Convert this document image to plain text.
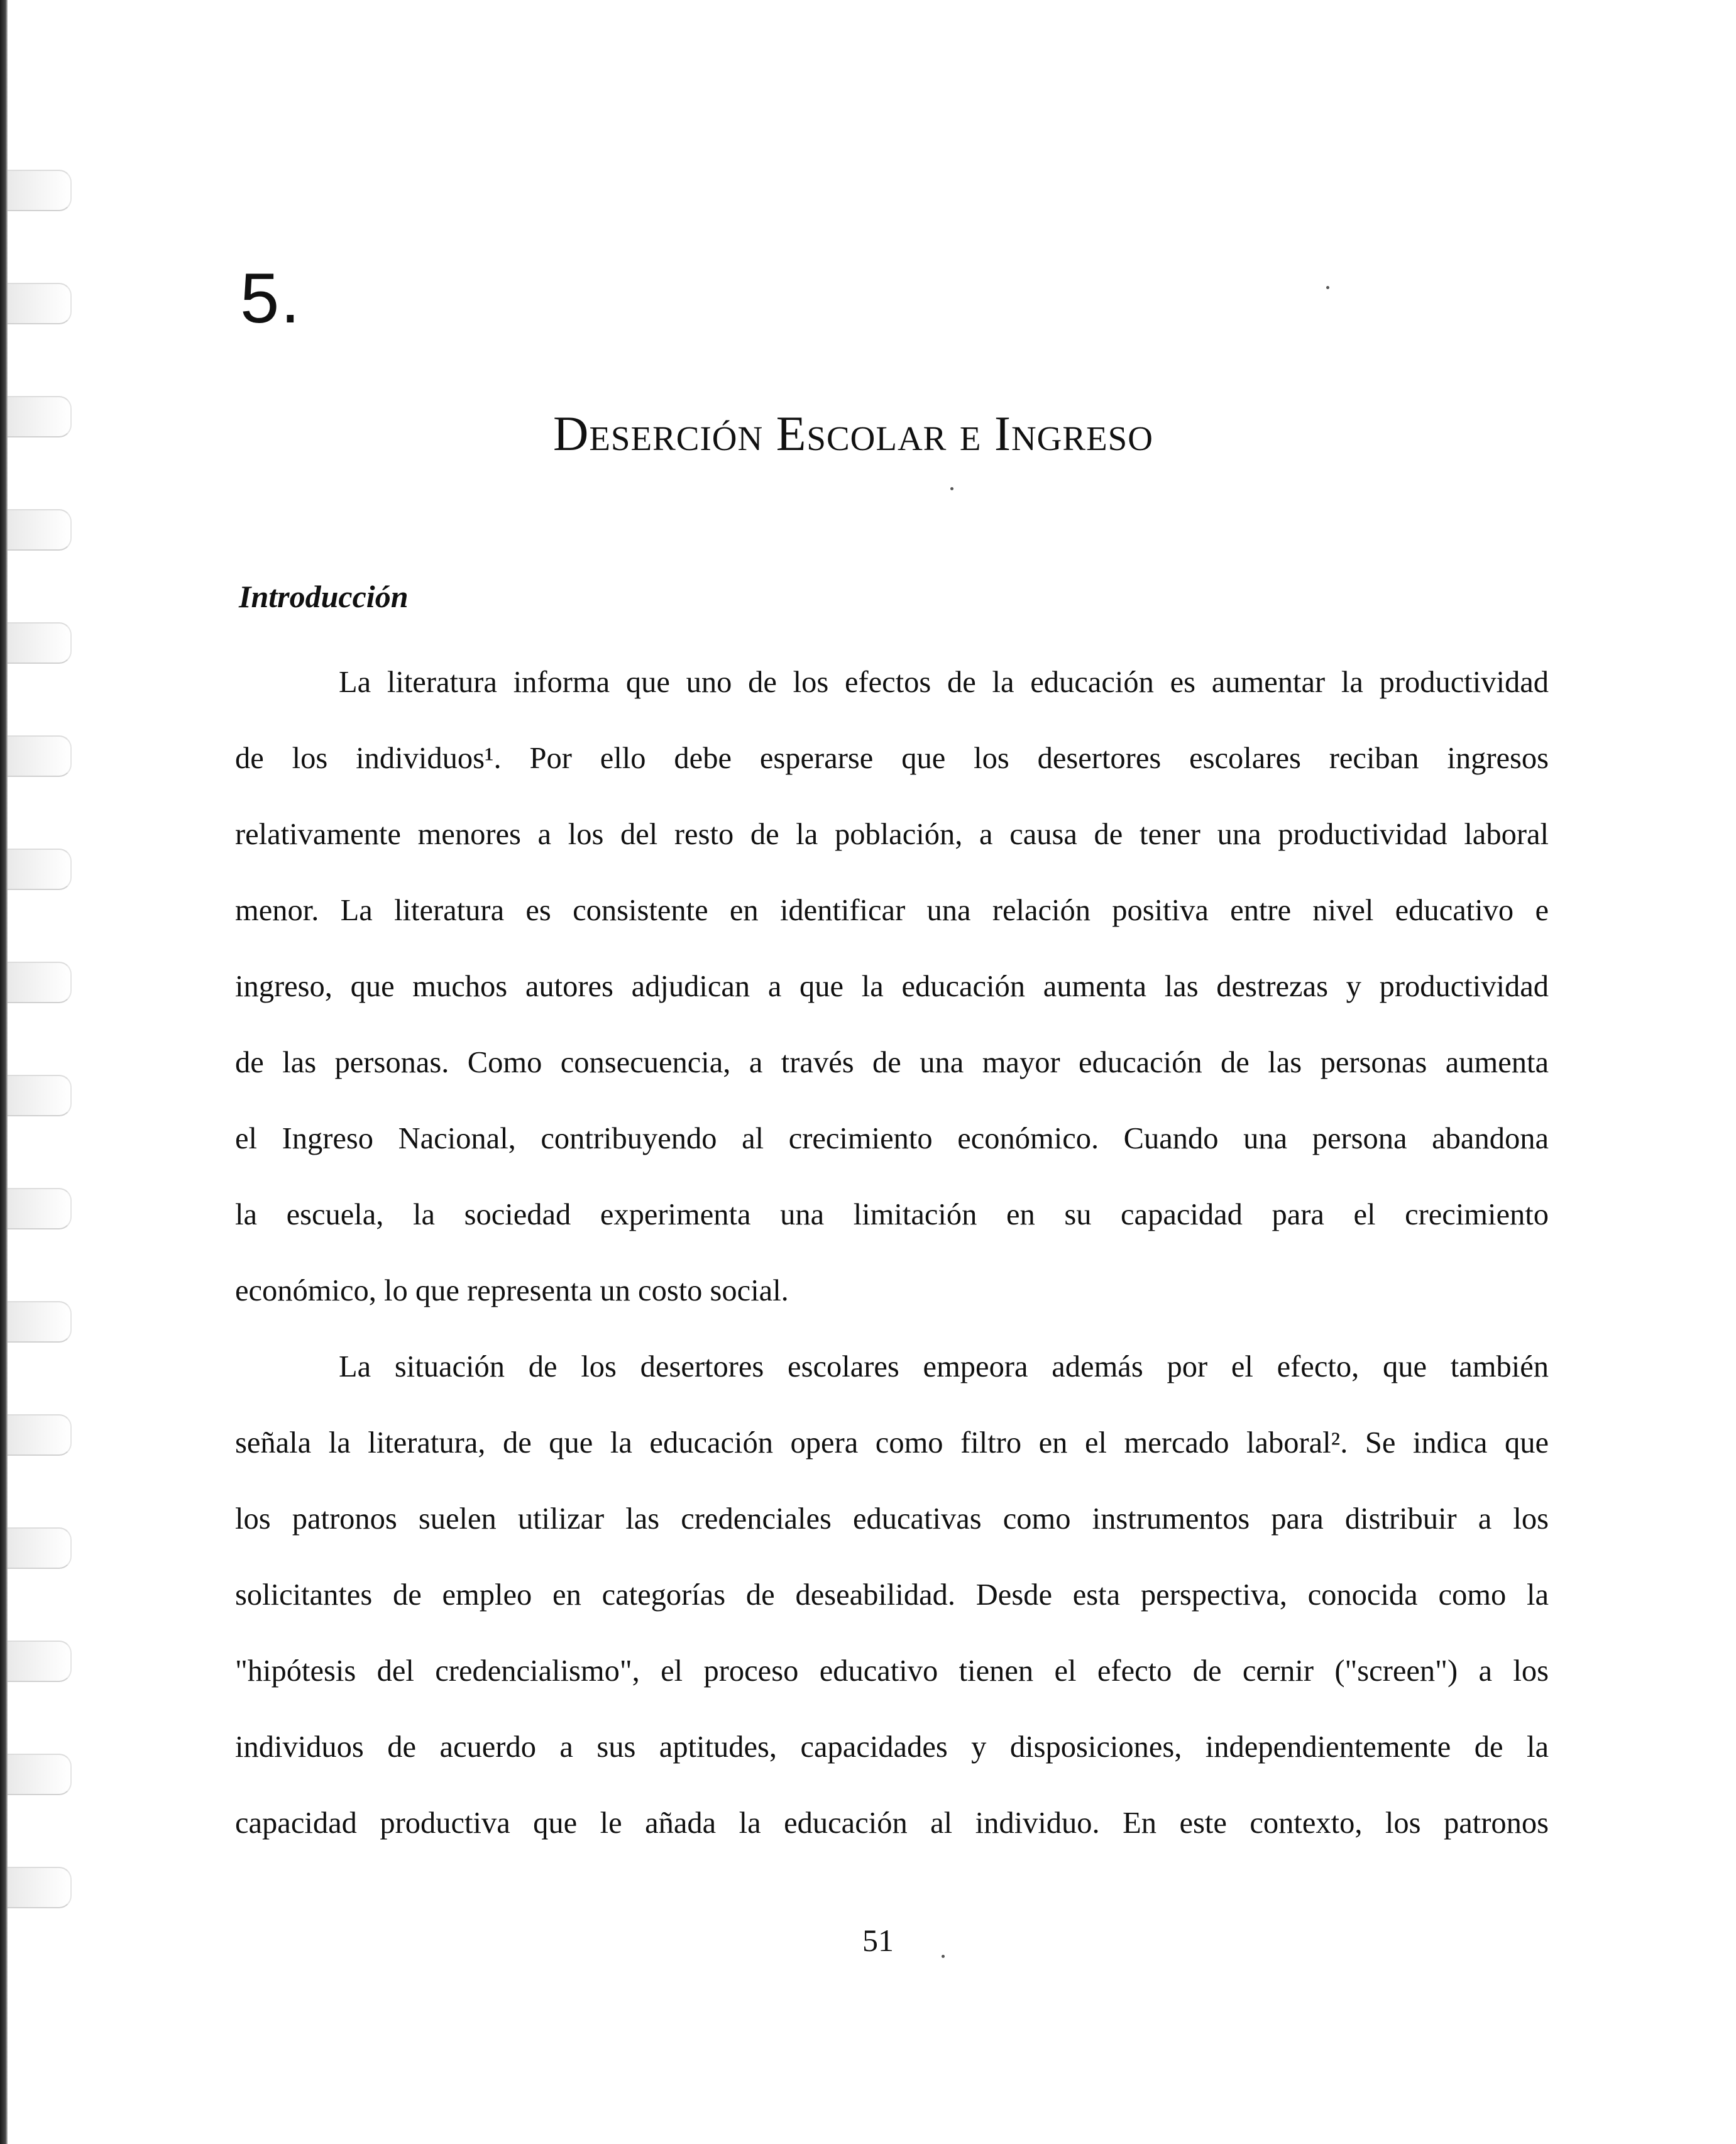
5.
Deserción Escolar e Ingreso
Introducción
La literatura informa que uno de los efectos de la educación es aumentar la productividad
de los individuos¹. Por ello debe esperarse que los desertores escolares reciban ingresos
relativamente menores a los del resto de la población, a causa de tener una productividad laboral
menor. La literatura es consistente en identificar una relación positiva entre nivel educativo e
ingreso, que muchos autores adjudican a que la educación aumenta las destrezas y productividad
de las personas. Como consecuencia, a través de una mayor educación de las personas aumenta
el Ingreso Nacional, contribuyendo al crecimiento económico. Cuando una persona abandona
la escuela, la sociedad experimenta una limitación en su capacidad para el crecimiento
económico, lo que representa un costo social.
La situación de los desertores escolares empeora además por el efecto, que también
señala la literatura, de que la educación opera como filtro en el mercado laboral². Se indica que
los patronos suelen utilizar las credenciales educativas como instrumentos para distribuir a los
solicitantes de empleo en categorías de deseabilidad. Desde esta perspectiva, conocida como la
"hipótesis del credencialismo", el proceso educativo tienen el efecto de cernir ("screen") a los
individuos de acuerdo a sus aptitudes, capacidades y disposiciones, independientemente de la
capacidad productiva que le añada la educación al individuo. En este contexto, los patronos
51
